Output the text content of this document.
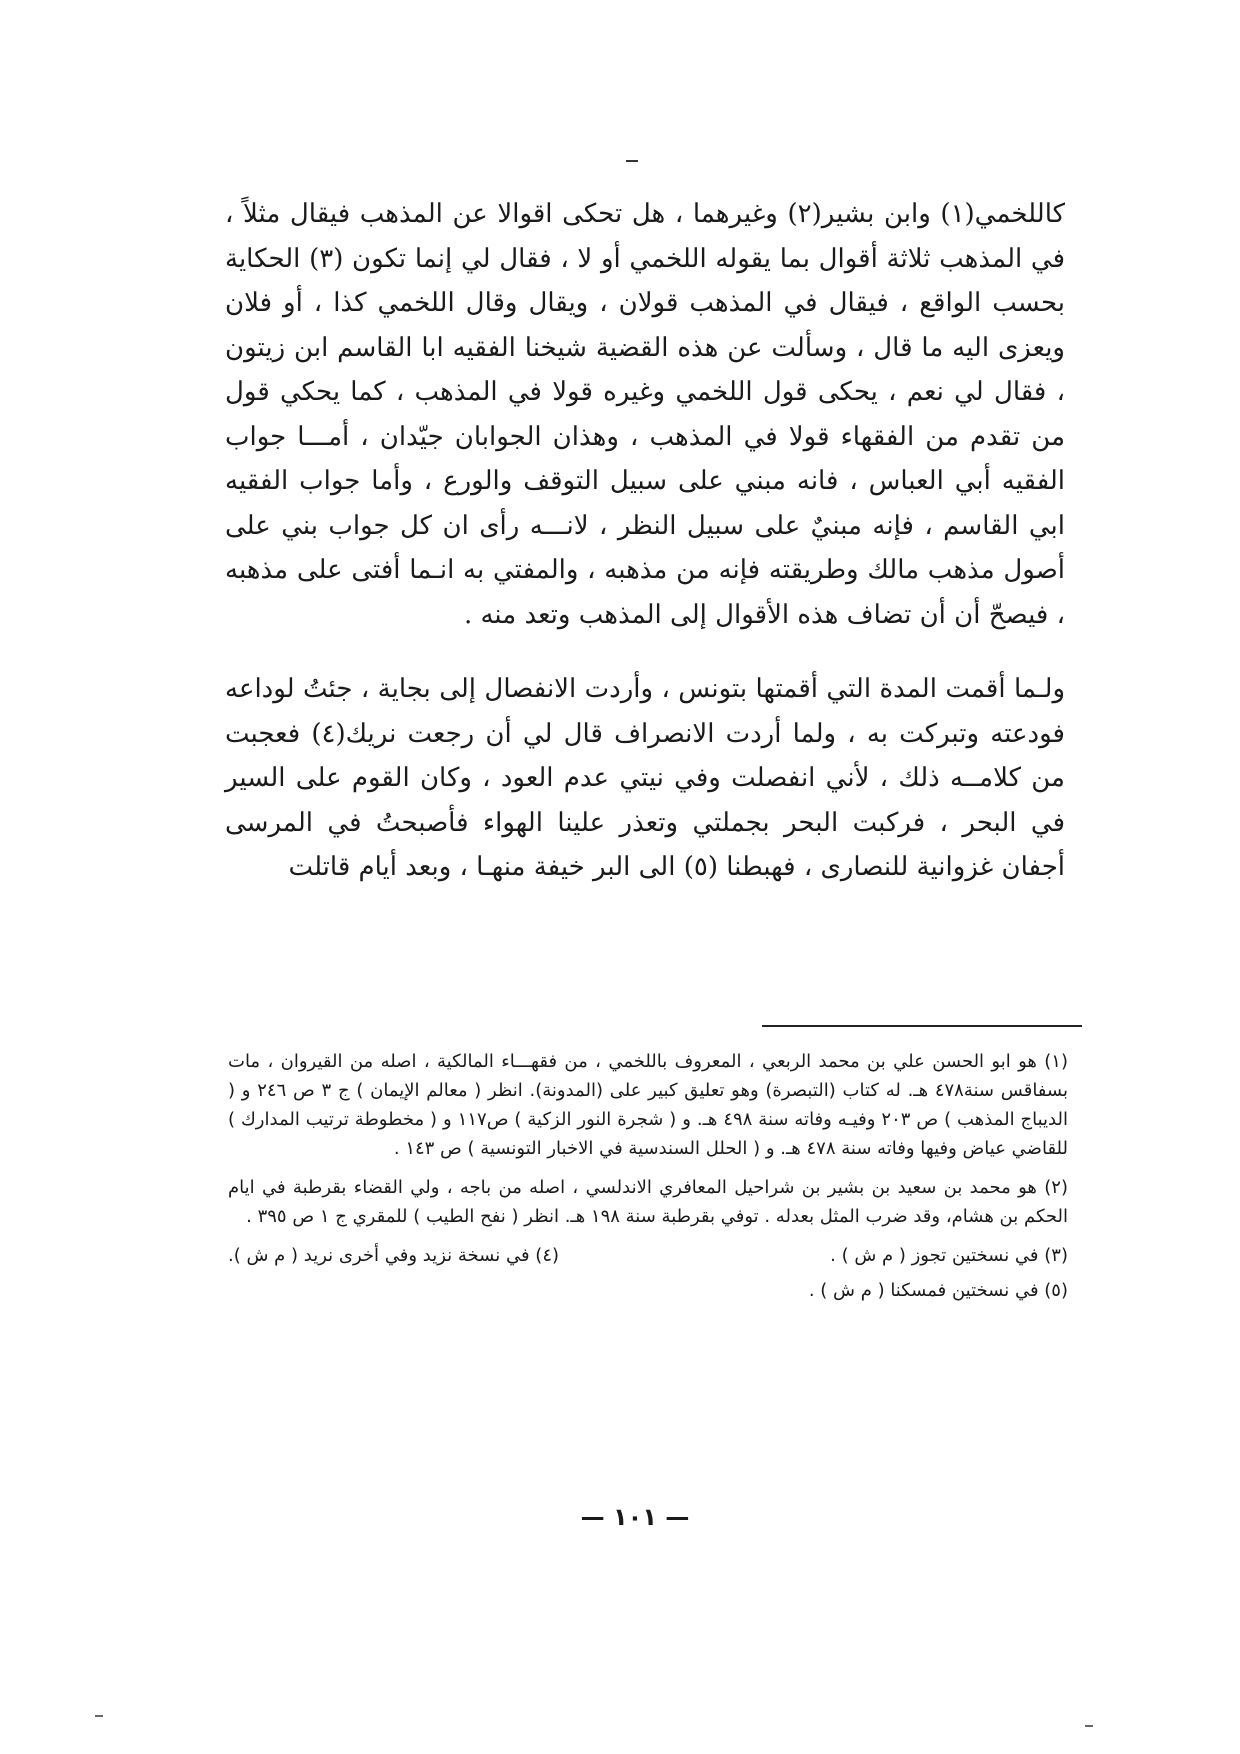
كاللخمي(١) وابن بشير(٢) وغيرهما ، هل تحكى اقوالا عن المذهب فيقال مثلاً ، في المذهب ثلاثة أقوال بما يقوله اللخمي أو لا ، فقال لي إنما تكون (٣) الحكاية بحسب الواقع ، فيقال في المذهب قولان ، ويقال وقال اللخمي كذا ، أو فلان ويعزى اليه ما قال ، وسألت عن هذه القضية شيخنا الفقيه ابا القاسم ابن زيتون ، فقال لي نعم ، يحكى قول اللخمي وغيره قولا في المذهب ، كما يحكي قول من تقدم من الفقهاء قولا في المذهب ، وهذان الجوابان جيّدان ، أمـــا جواب الفقيه أبي العباس ، فانه مبني على سبيل التوقف والورع ، وأما جواب الفقيه ابي القاسم ، فإنه مبنيٌ على سبيل النظر ، لانـــه رأى ان كل جواب بني على أصول مذهب مالك وطريقته فإنه من مذهبه ، والمفتي به انـما أفتى على مذهبه ، فيصحّ أن أن تضاف هذه الأقوال إلى المذهب وتعد منه .

ولـما أقمت المدة التي أقمتها بتونس ، وأردت الانفصال إلى بجاية ، جئتُ لوداعه فودعته وتبركت به ، ولما أردت الانصراف قال لي أن رجعت نريك(٤) فعجبت من كلامــه ذلك ، لأني انفصلت وفي نيتي عدم العود ، وكان القوم على السير في البحر ، فركبت البحر بجملتي وتعذر علينا الهواء فأصبحتُ في المرسى أجفان غزوانية للنصارى ، فهبطنا (٥) الى البر خيفة منهـا ، وبعد أيام قاتلت

(١) هو ابو الحسن علي بن محمد الربعي ، المعروف باللخمي ، من فقهـــاء المالكية ، اصله من القيروان ، مات بسفاقس سنة٤٧٨ هـ. له كتاب (التبصرة) وهو تعليق كبير على (المدونة). انظر ( معالم الإيمان ) ج ٣ ص ٢٤٦ و ( الديباج المذهب ) ص ٢٠٣ وفيـه وفاته سنة ٤٩٨ هـ. و ( شجرة النور الزكية ) ص١١٧ و ( مخطوطة ترتيب المدارك ) للقاضي عياض وفيها وفاته سنة ٤٧٨ هـ. و ( الحلل السندسية في الاخبار التونسية ) ص ١٤٣ .

(٢) هو محمد بن سعيد بن بشير بن شراحيل المعافري الاندلسي ، اصله من باجه ، ولي القضاء بقرطبة في ايام الحكم بن هشام، وقد ضرب المثل بعدله . توفي بقرطبة سنة ١٩٨ هـ. انظر ( نفح الطيب ) للمقري ج ١ ص ٣٩٥ .

(٣) في نسختين تجوز ( م ش ) .
(٤) في نسخة نزيد وفي أخرى نريد ( م ش ).

(٥) في نسختين فمسكنا ( م ش ) .

— ١٠١ —
